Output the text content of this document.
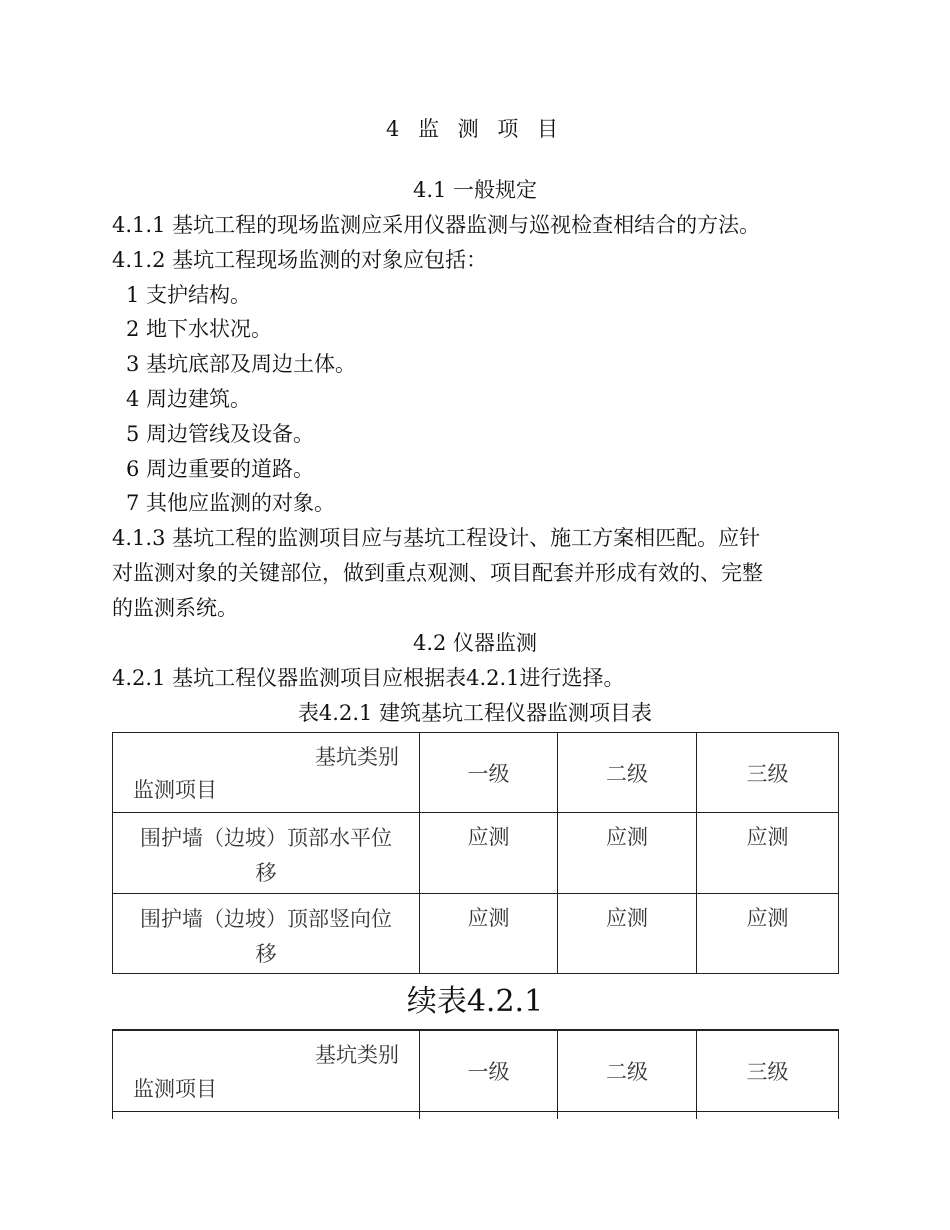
4 监 测 项 目
4.1 一般规定
4.1.1 基坑工程的现场监测应采用仪器监测与巡视检查相结合的方法。
4.1.2 基坑工程现场监测的对象应包括：
1 支护结构。
2 地下水状况。
3 基坑底部及周边土体。
4 周边建筑。
5 周边管线及设备。
6 周边重要的道路。
7 其他应监测的对象。
4.1.3 基坑工程的监测项目应与基坑工程设计、施工方案相匹配。应针
对监测对象的关键部位，做到重点观测、项目配套并形成有效的、完整
的监测系统。
4.2 仪器监测
4.2.1 基坑工程仪器监测项目应根据表4.2.1进行选择。
表4.2.1 建筑基坑工程仪器监测项目表
基坑类别
监测项目	一级	二级	三级

围护墙（边坡）顶部水平位
移	应测	应测	应测

围护墙（边坡）顶部竖向位
移	应测	应测	应测
续表4.2.1
基坑类别
监测项目	一级	二级	三级
